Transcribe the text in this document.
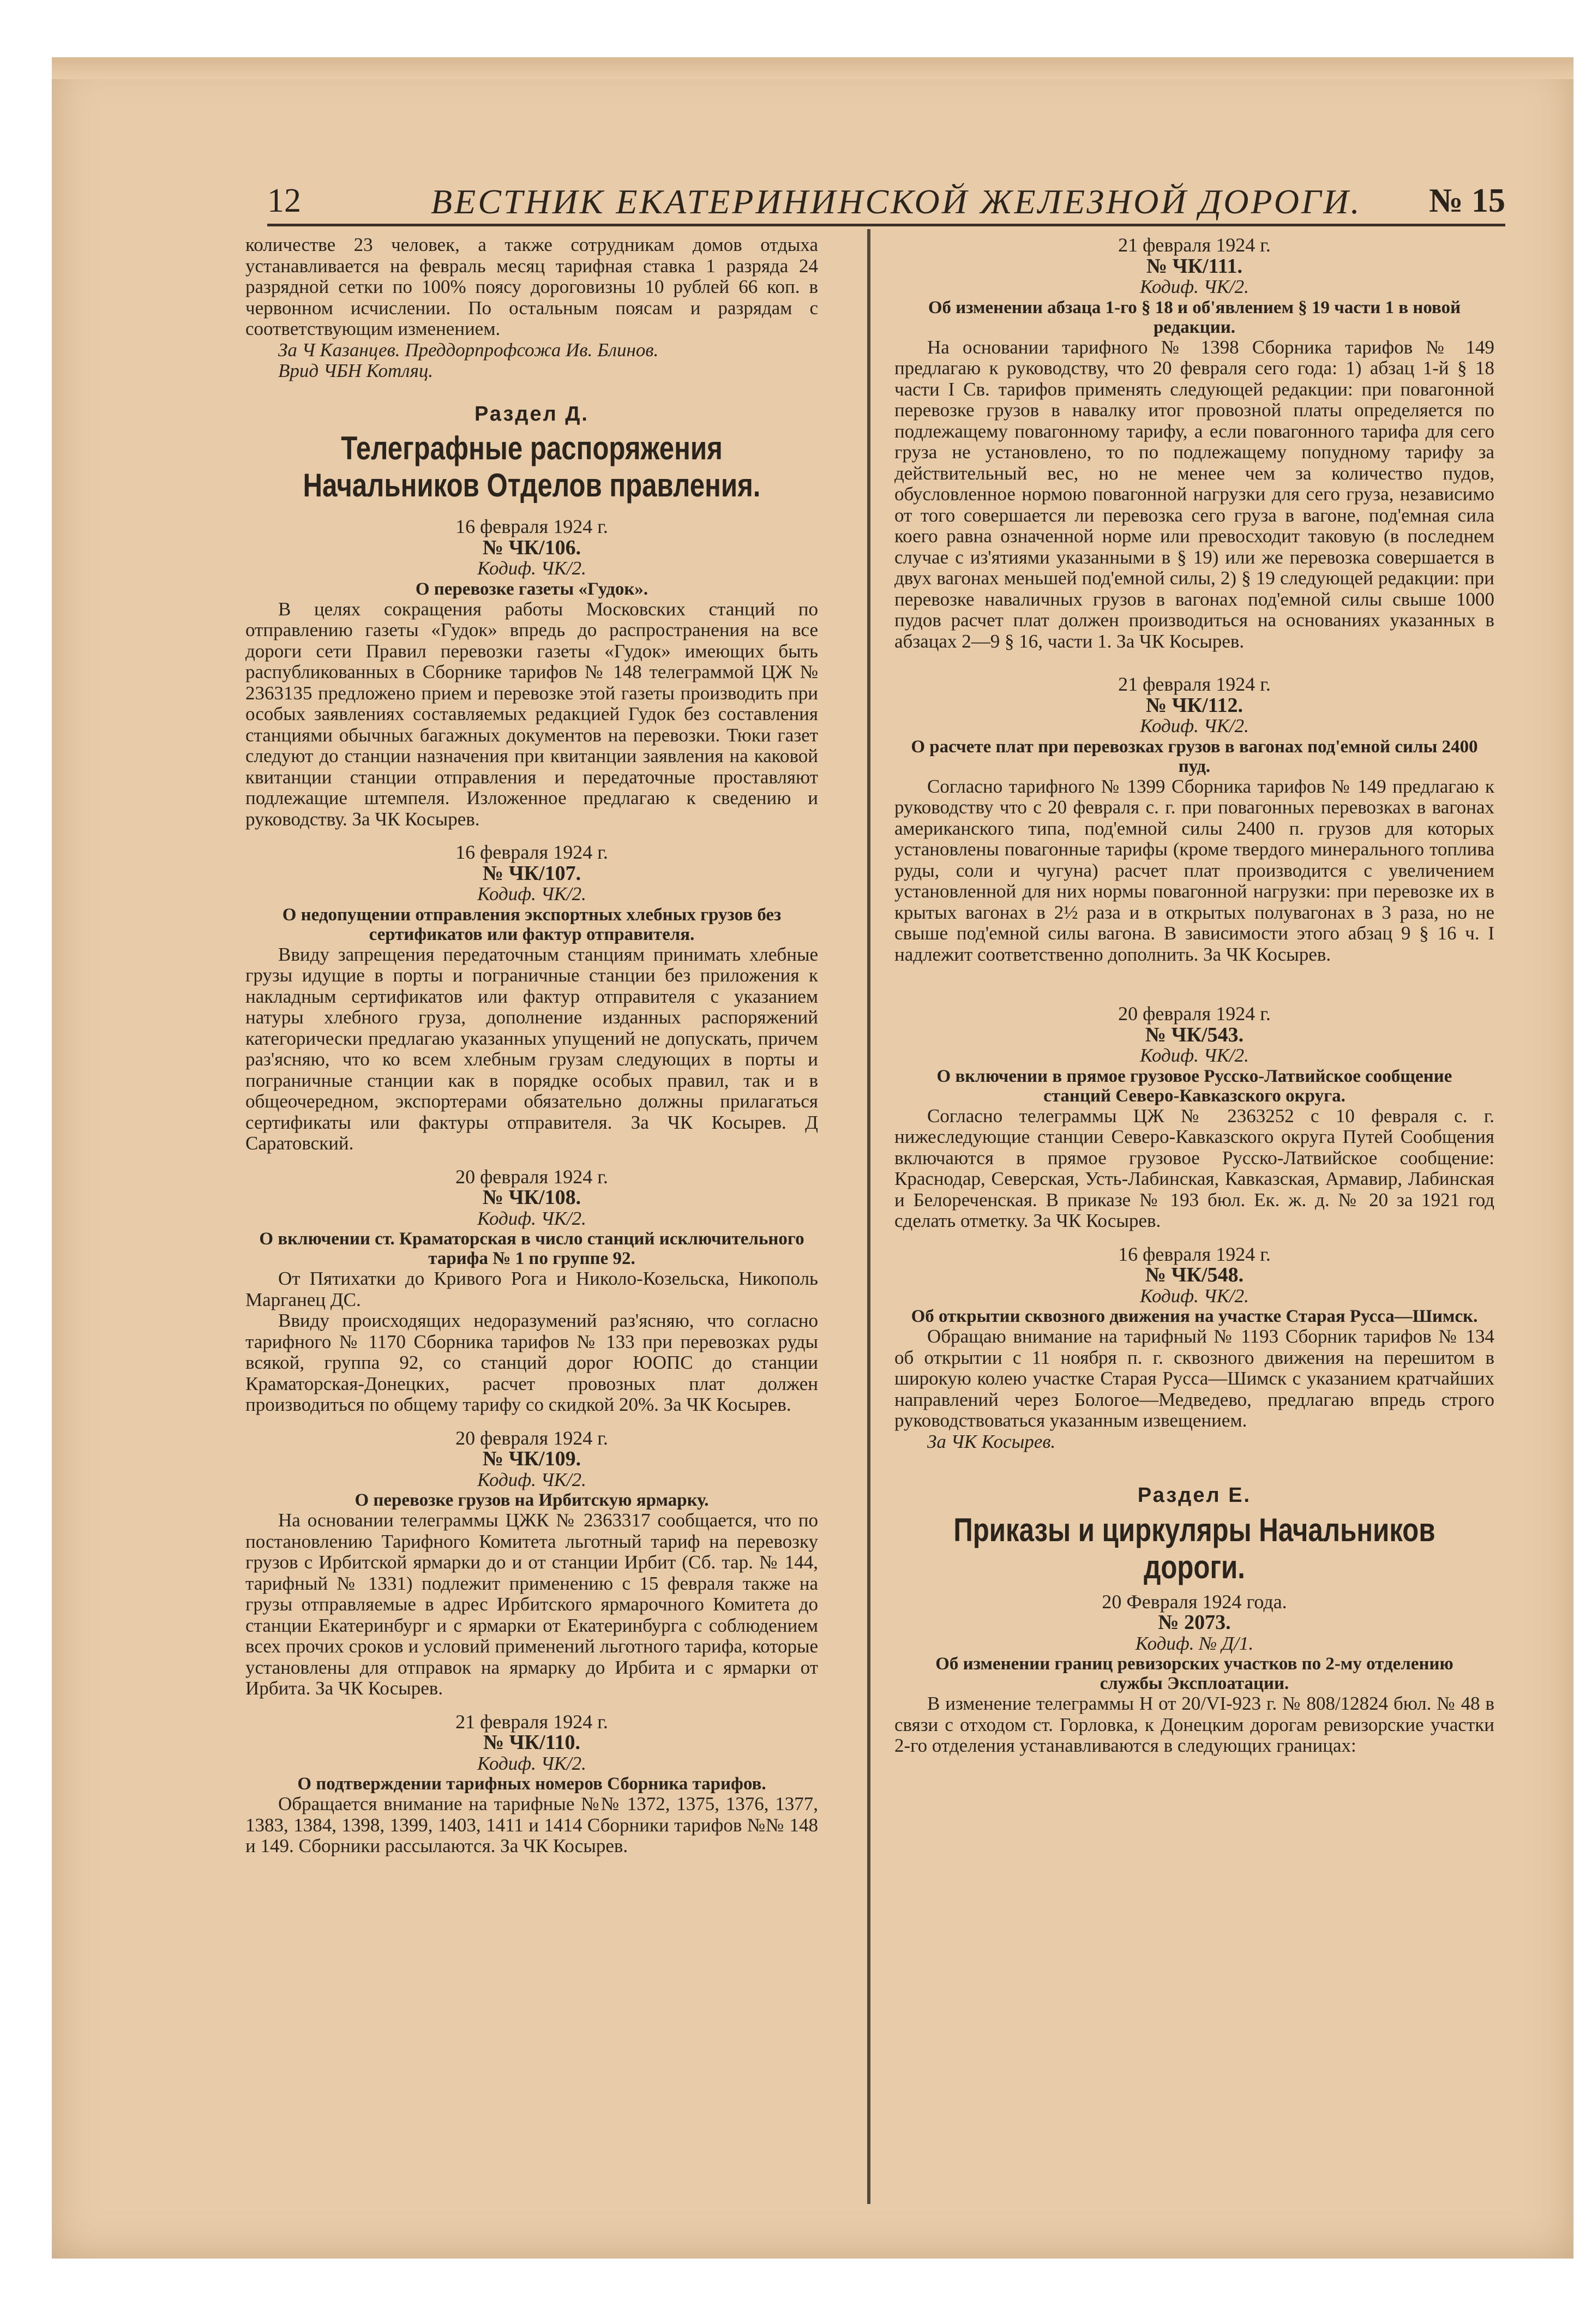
12	ВЕСТНИК ЕКАТЕРИНИНСКОЙ ЖЕЛЕЗНОЙ ДОРОГИ. № 15

количестве 23 человек, а также сотрудникам домов отдыха устанавливается на февраль месяц тарифная ставка 1 разряда 24 разрядной сетки по 100% поясу дороговизны 10 рублей 66 коп. в червонном исчислении. По остальным поясам и разрядам с соответствующим изменением.

За Ч Казанцев. Преддорпрофсожа Ив. Блинов.

Врид ЧБН Котляц.

Раздел Д.

Телеграфные распоряжения Начальников Отделов правления.

16 февраля 1924 г.

№ ЧК/106.

Кодиф. ЧК/2.

О перевозке газеты «Гудок».

В целях сокращения работы Московских станций по отправлению газеты «Гудок» впредь до распространения на все дороги сети Правил перевозки газеты «Гудок» имеющих быть распубликованных в Сборнике тарифов № 148 телеграммой ЦЖ № 2363135 предложено прием и перевозке этой газеты производить при особых заявлениях составляемых редакцией Гудок без составления станциями обычных багажных документов на перевозки. Тюки газет следуют до станции назначения при квитанции заявления на каковой квитанции станции отправления и передаточные проставляют подлежащие штемпеля. Изложенное предлагаю к сведению и руководству. За ЧК Косырев.

16 февраля 1924 г.

№ ЧК/107.

Кодиф. ЧК/2.

О недопущении отправления экспортных хлебных грузов без сертификатов или фактур отправителя.

Ввиду запрещения передаточным станциям принимать хлебные грузы идущие в порты и пограничные станции без приложения к накладным сертификатов или фактур отправителя с указанием натуры хлебного груза, дополнение изданных распоряжений категорически предлагаю указанных упущений не допускать, причем раз'ясняю, что ко всем хлебным грузам следующих в порты и пограничные станции как в порядке особых правил, так и в общеочередном, экспортерами обязательно должны прилагаться сертификаты или фактуры отправителя. За ЧК Косырев. Д Саратовский.

20 февраля 1924 г.

№ ЧК/108.

Кодиф. ЧК/2.

О включении ст. Краматорская в число станций исключительного тарифа № 1 по группе 92.

От Пятихатки до Кривого Рога и Николо-Козельска, Никополь Марганец ДС.

Ввиду происходящих недоразумений раз'ясняю, что согласно тарифного № 1170 Сборника тарифов № 133 при перевозках руды всякой, группа 92, со станций дорог ЮОПС до станции Краматорская-Донецких, расчет провозных плат должен производиться по общему тарифу со скидкой 20%. За ЧК Косырев.

20 февраля 1924 г.

№ ЧК/109.

Кодиф. ЧК/2.

О перевозке грузов на Ирбитскую ярмарку.

На основании телеграммы ЦЖК № 2363317 сообщается, что по постановлению Тарифного Комитета льготный тариф на перевозку грузов с Ирбитской ярмарки до и от станции Ирбит (Сб. тар. № 144, тарифный № 1331) подлежит применению с 15 февраля также на грузы отправляемые в адрес Ирбитского ярмарочного Комитета до станции Екатеринбург и с ярмарки от Екатеринбурга с соблюдением всех прочих сроков и условий применений льготного тарифа, которые установлены для отправок на ярмарку до Ирбита и с ярмарки от Ирбита. За ЧК Косырев.

21 февраля 1924 г.

№ ЧК/110.

Кодиф. ЧК/2.

О подтверждении тарифных номеров Сборника тарифов.

Обращается внимание на тарифные №№ 1372, 1375, 1376, 1377, 1383, 1384, 1398, 1399, 1403, 1411 и 1414 Сборники тарифов №№ 148 и 149. Сборники рассылаются. За ЧК Косырев.

21 февраля 1924 г.

№ ЧК/111.

Кодиф. ЧК/2.

Об изменении абзаца 1-го § 18 и об'явлением § 19 части 1 в новой редакции.

На основании тарифного № 1398 Сборника тарифов № 149 предлагаю к руководству, что 20 февраля сего года: 1) абзац 1-й § 18 части I Св. тарифов применять следующей редакции: при повагонной перевозке грузов в навалку итог провозной платы определяется по подлежащему повагонному тарифу, а если повагонного тарифа для сего груза не установлено, то по подлежащему попудному тарифу за действительный вес, но не менее чем за количество пудов, обусловленное нормою повагонной нагрузки для сего груза, независимо от того совершается ли перевозка сего груза в вагоне, под'емная сила коего равна означенной норме или превосходит таковую (в последнем случае с из'ятиями указанными в § 19) или же перевозка совершается в двух вагонах меньшей под'емной силы, 2) § 19 следующей редакции: при перевозке наваличных грузов в вагонах под'емной силы свыше 1000 пудов расчет плат должен производиться на основаниях указанных в абзацах 2—9 § 16, части 1. За ЧК Косырев.

21 февраля 1924 г.

№ ЧК/112.

Кодиф. ЧК/2.

О расчете плат при перевозках грузов в вагонах под'емной силы 2400 пуд.

Согласно тарифного № 1399 Сборника тарифов № 149 предлагаю к руководству что с 20 февраля с. г. при повагонных перевозках в вагонах американского типа, под'емной силы 2400 п. грузов для которых установлены повагонные тарифы (кроме твердого минерального топлива руды, соли и чугуна) расчет плат производится с увеличением установленной для них нормы повагонной нагрузки: при перевозке их в крытых вагонах в 2½ раза и в открытых полувагонах в 3 раза, но не свыше под'емной силы вагона. В зависимости этого абзац 9 § 16 ч. I надлежит соответственно дополнить. За ЧК Косырев.

20 февраля 1924 г.

№ ЧК/543.

Кодиф. ЧК/2.

О включении в прямое грузовое Русско-Латвийское сообщение станций Северо-Кавказского округа.

Согласно телеграммы ЦЖ № 2363252 с 10 февраля с. г. нижеследующие станции Северо-Кавказского округа Путей Сообщения включаются в прямое грузовое Русско-Латвийское сообщение: Краснодар, Северская, Усть-Лабинская, Кавказская, Армавир, Лабинская и Белореченская. В приказе № 193 бюл. Ек. ж. д. № 20 за 1921 год сделать отметку. За ЧК Косырев.

16 февраля 1924 г.

№ ЧК/548.

Кодиф. ЧК/2.

Об открытии сквозного движения на участке Старая Русса—Шимск.

Обращаю внимание на тарифный № 1193 Сборник тарифов № 134 об открытии с 11 ноября п. г. сквозного движения на перешитом в широкую колею участке Старая Русса—Шимск с указанием кратчайших направлений через Бологое—Медведево, предлагаю впредь строго руководствоваться указанным извещением.

За ЧК Косырев.

Раздел Е.

Приказы и циркуляры Начальников дороги.

20 Февраля 1924 года.

№ 2073.

Кодиф. № Д/1.

Об изменении границ ревизорских участков по 2-му отделению службы Эксплоатации.

В изменение телеграммы Н от 20/VI-923 г. № 808/12824 бюл. № 48 в связи с отходом ст. Горловка, к Донецким дорогам ревизорские участки 2-го отделения устанавливаются в следующих границах:
